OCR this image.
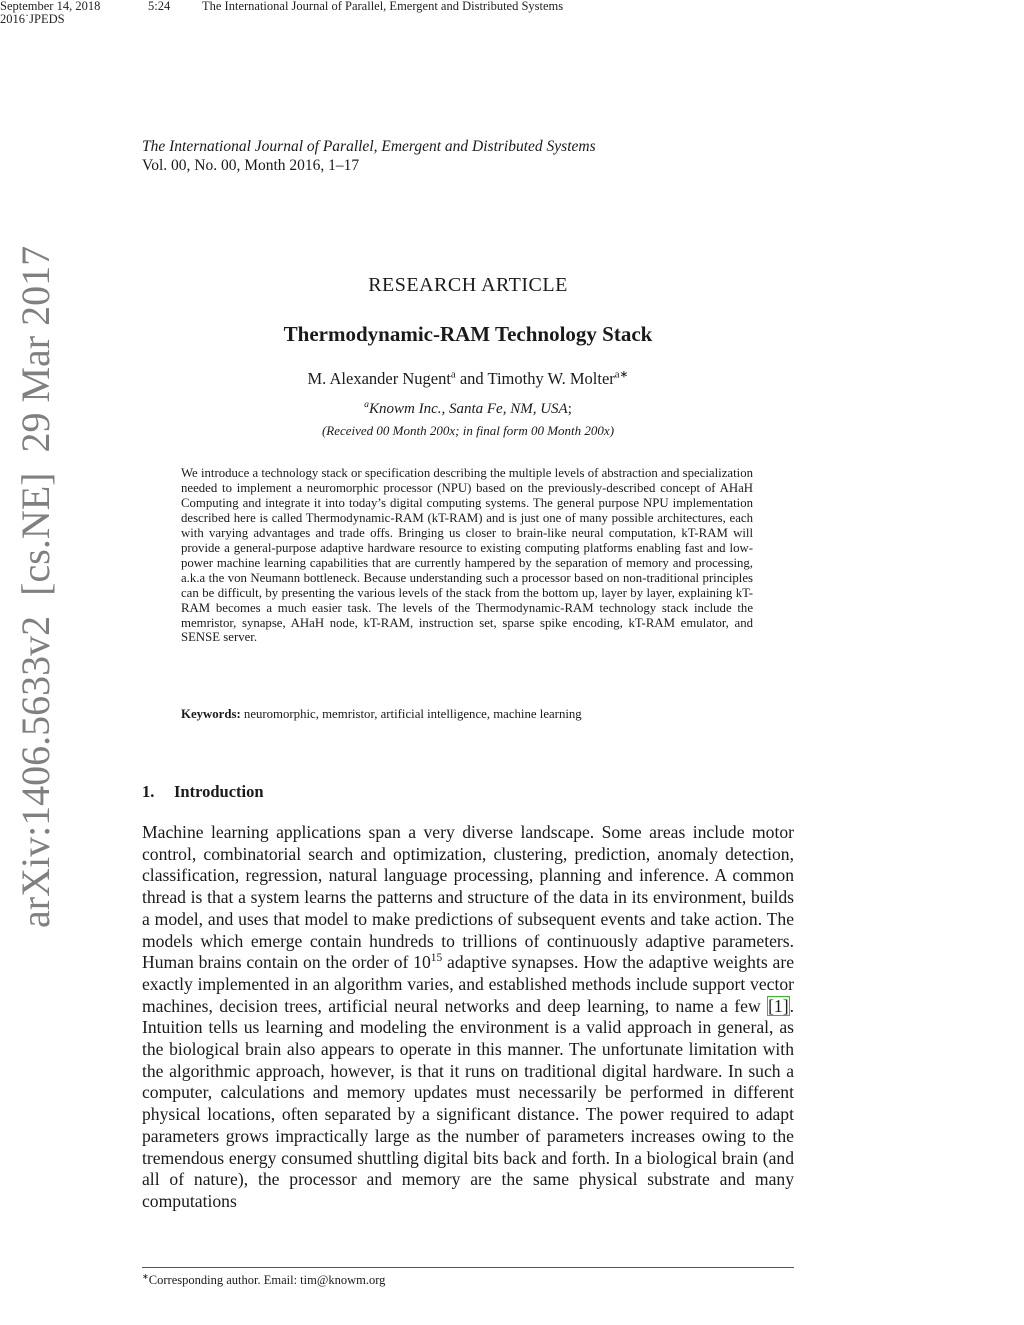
September 14, 2018	5:24	The International Journal of Parallel, Emergent and Distributed Systems
2016˙JPEDS
The International Journal of Parallel, Emergent and Distributed Systems
Vol. 00, No. 00, Month 2016, 1–17
RESEARCH ARTICLE
Thermodynamic-RAM Technology Stack
M. Alexander Nugent$^a$ and Timothy W. Molter$^{a∗}$
$^a$Knowm Inc., Santa Fe, NM, USA;
(Received 00 Month 200x; in final form 00 Month 200x)
We introduce a technology stack or specification describing the multiple levels of abstraction and specialization needed to implement a neuromorphic processor (NPU) based on the previously-described concept of AHaH Computing and integrate it into today’s digital computing systems. The general purpose NPU implementation described here is called Thermodynamic-RAM (kT-RAM) and is just one of many possible architectures, each with varying advantages and trade offs. Bringing us closer to brain-like neural computation, kT-RAM will provide a general-purpose adaptive hardware resource to existing computing platforms enabling fast and low-power machine learning capabilities that are currently hampered by the separation of memory and processing, a.k.a the von Neumann bottleneck. Because understanding such a processor based on non-traditional principles can be difficult, by presenting the various levels of the stack from the bottom up, layer by layer, explaining kT-RAM becomes a much easier task. The levels of the Thermodynamic-RAM technology stack include the memristor, synapse, AHaH node, kT-RAM, instruction set, sparse spike encoding, kT-RAM emulator, and SENSE server.
Keywords: neuromorphic, memristor, artificial intelligence, machine learning
1. Introduction
Machine learning applications span a very diverse landscape. Some areas include motor control, combinatorial search and optimization, clustering, prediction, anomaly detection, classification, regression, natural language processing, planning and inference. A common thread is that a system learns the patterns and structure of the data in its environment, builds a model, and uses that model to make predictions of subsequent events and take action. The models which emerge contain hundreds to trillions of continuously adaptive parameters. Human brains contain on the order of $10^{15}$ adaptive synapses. How the adaptive weights are exactly implemented in an algorithm varies, and established methods include support vector machines, decision trees, artificial neural networks and deep learning, to name a few [1]. Intuition tells us learning and modeling the environment is a valid approach in general, as the biological brain also appears to operate in this manner. The unfortunate limitation with the algorithmic approach, however, is that it runs on traditional digital hardware. In such a computer, calculations and memory updates must necessarily be performed in different physical locations, often separated by a significant distance. The power required to adapt parameters grows impractically large as the number of parameters increases owing to the tremendous energy consumed shuttling digital bits back and forth. In a biological brain (and all of nature), the processor and memory are the same physical substrate and many computations
∗Corresponding author. Email: tim@knowm.org
arXiv:1406.5633v2  [cs.NE]  29 Mar 2017
